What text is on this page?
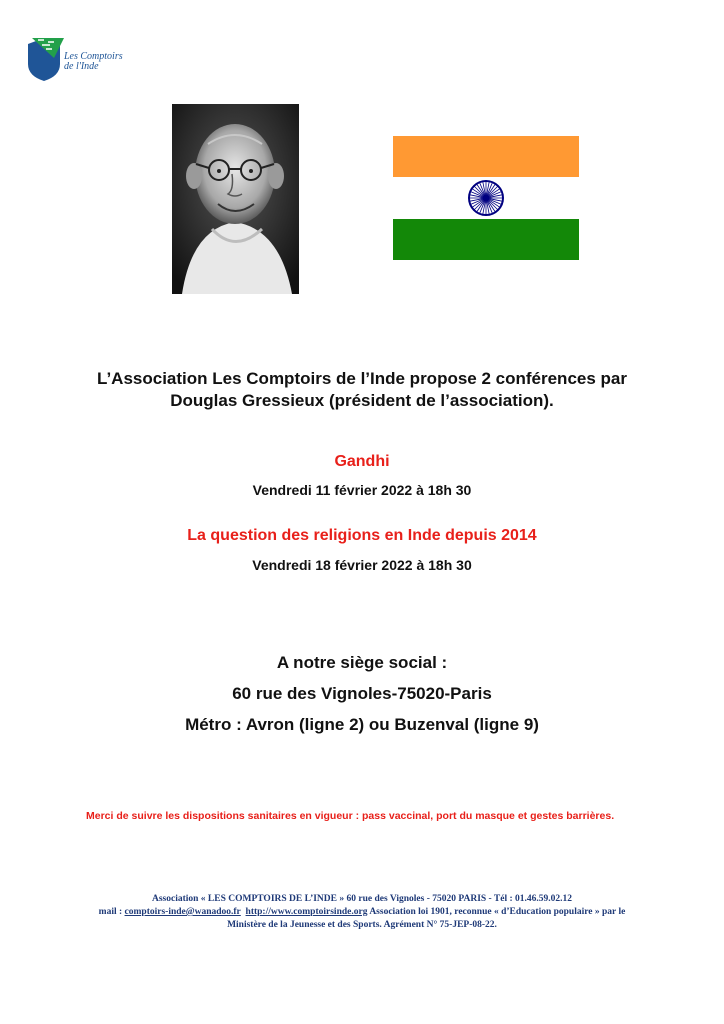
Les Comptoirs de l'Inde
L’Association Les Comptoirs de l’Inde propose 2 conférences par
Douglas Gressieux (président de l’association).
Gandhi
Vendredi 11 février 2022 à 18h 30
La question des religions en Inde depuis 2014
Vendredi 18 février 2022 à 18h 30
A notre siège social :
60 rue des Vignoles-75020-Paris
Métro : Avron (ligne 2) ou Buzenval (ligne 9)
Merci de suivre les dispositions sanitaires en vigueur : pass vaccinal, port du masque et gestes barrières.
Association « LES COMPTOIRS DE L’INDE » 60 rue des Vignoles - 75020 PARIS - Tél : 01.46.59.02.12
mail : comptoirs-inde@wanadoo.fr http://www.comptoirsinde.org Association loi 1901, reconnue « d’Education populaire » par le
Ministère de la Jeunesse et des Sports. Agrément N° 75-JEP-08-22.
